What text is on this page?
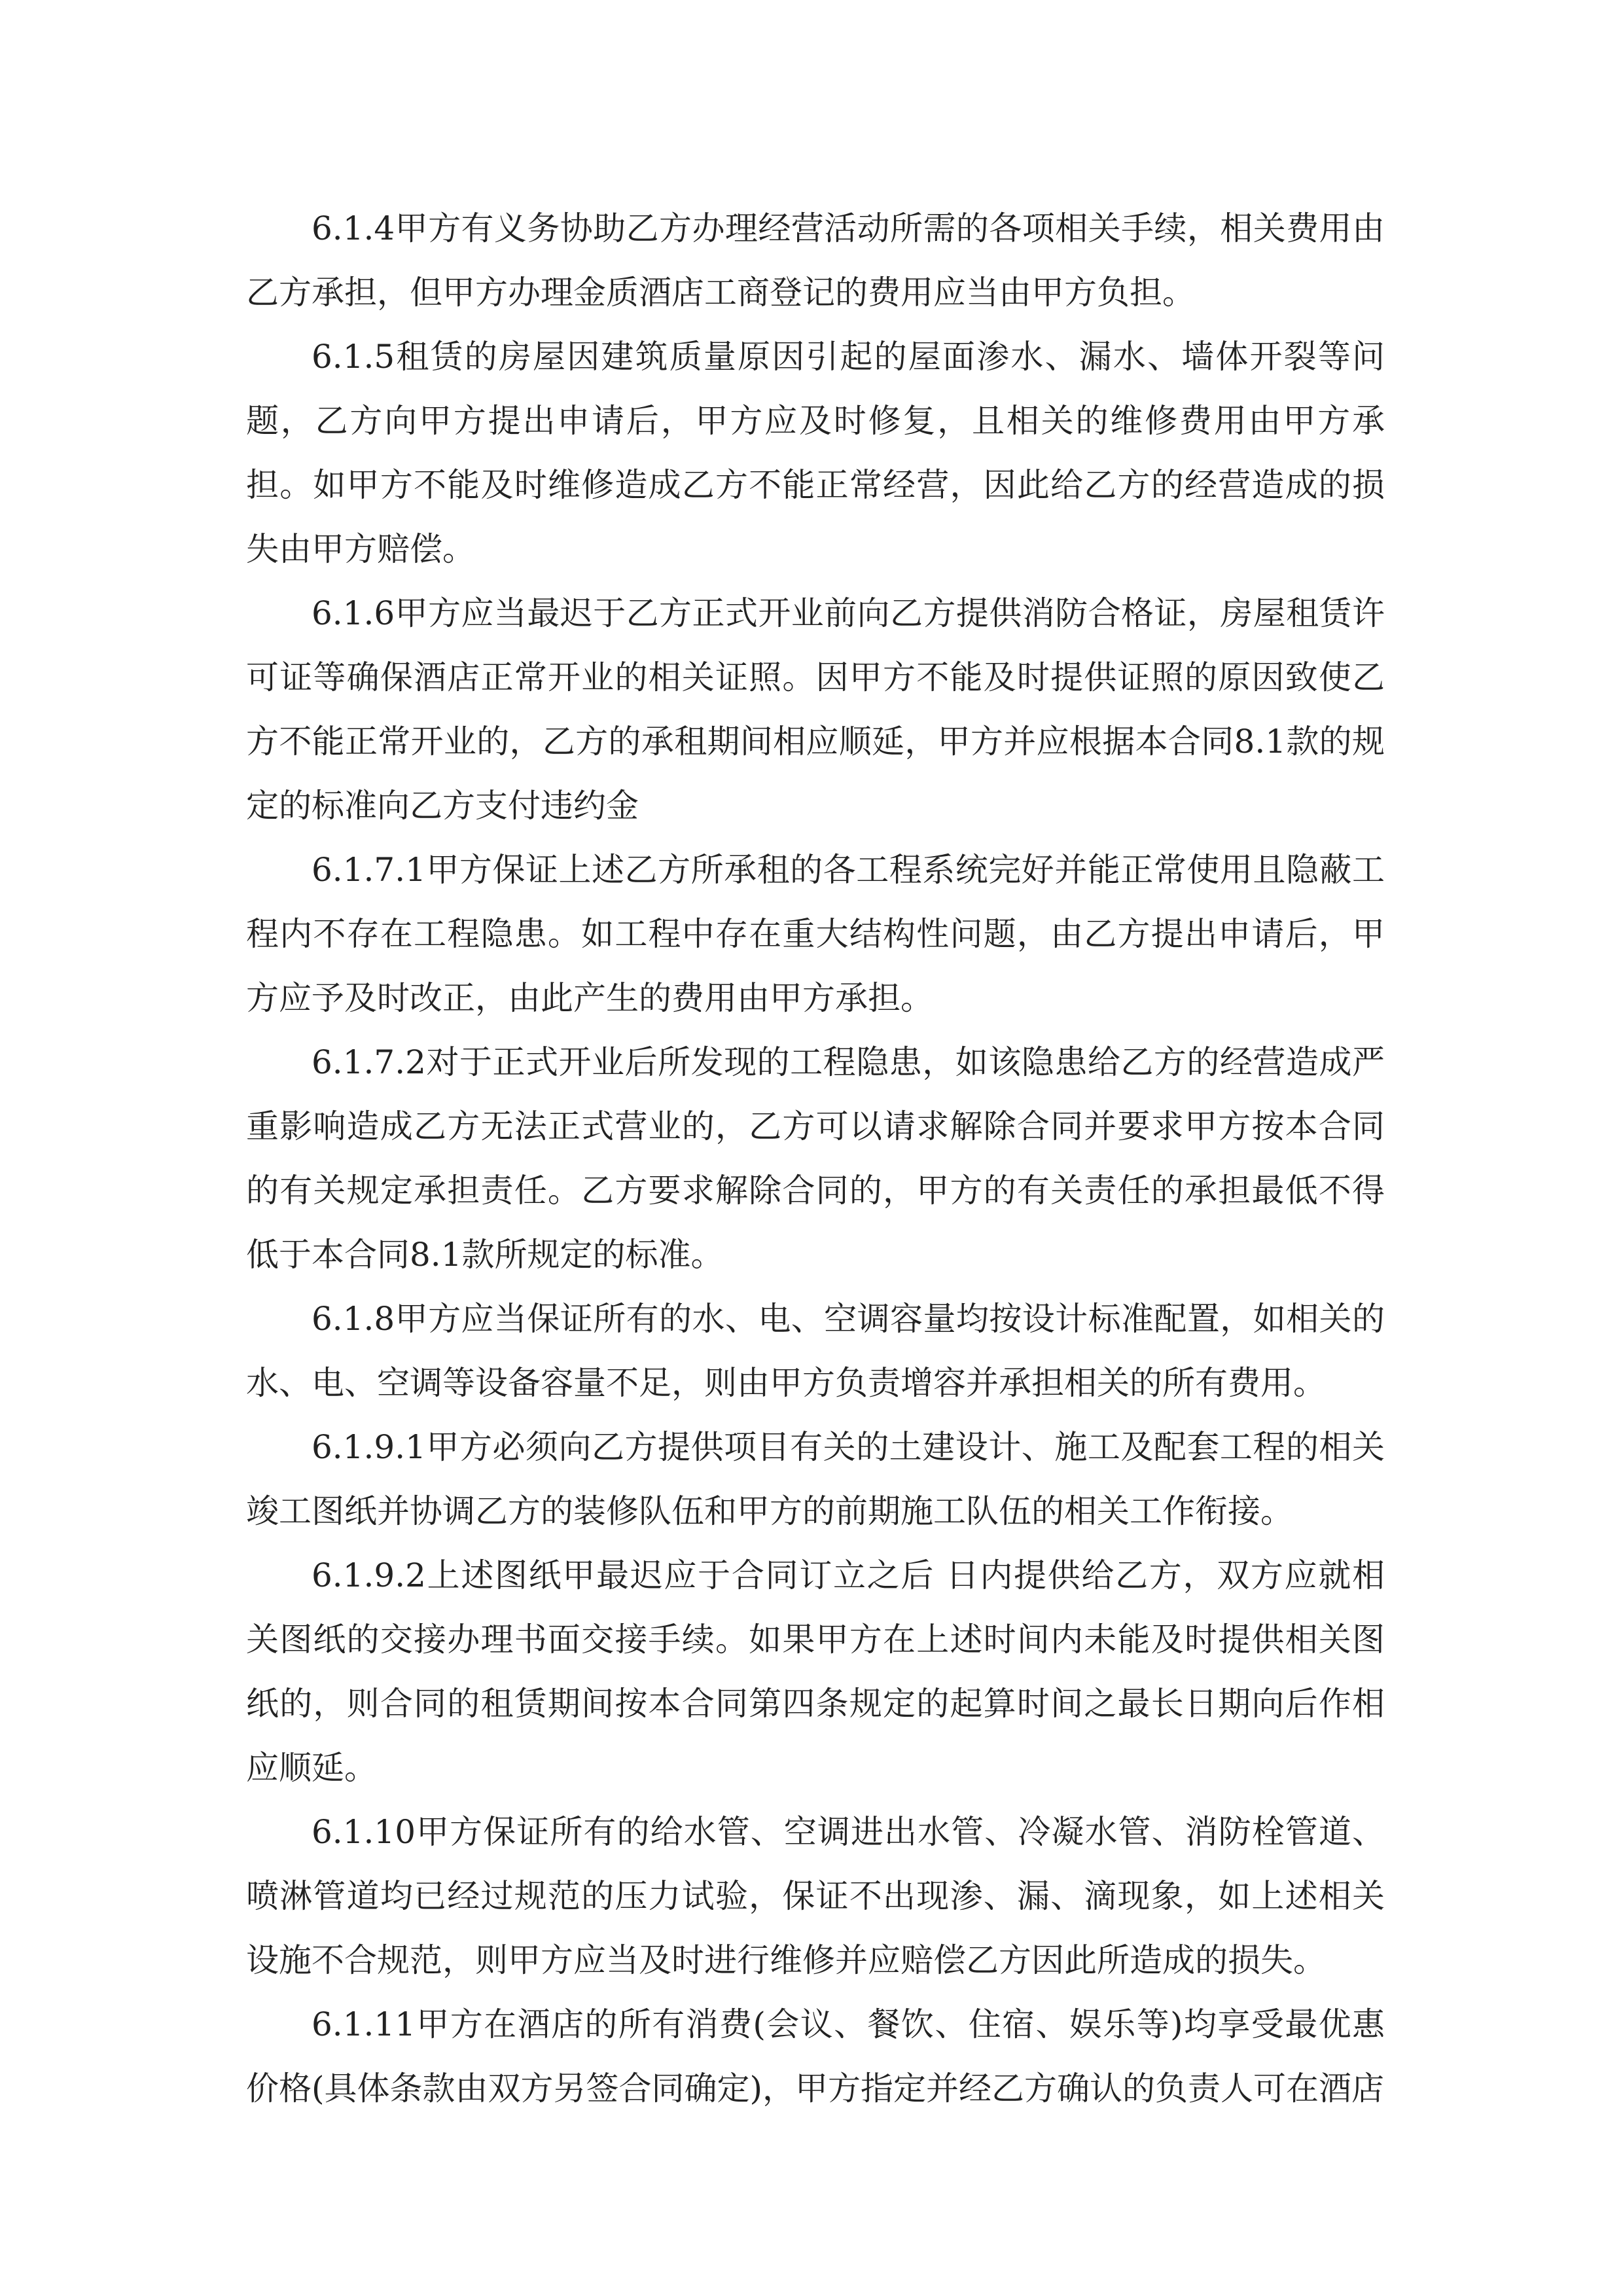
6.1.4甲方有义务协助乙方办理经营活动所需的各项相关手续，相关费用由乙方承担，但甲方办理金质酒店工商登记的费用应当由甲方负担。

6.1.5租赁的房屋因建筑质量原因引起的屋面渗水、漏水、墙体开裂等问题，乙方向甲方提出申请后，甲方应及时修复，且相关的维修费用由甲方承担。如甲方不能及时维修造成乙方不能正常经营，因此给乙方的经营造成的损失由甲方赔偿。

6.1.6甲方应当最迟于乙方正式开业前向乙方提供消防合格证，房屋租赁许可证等确保酒店正常开业的相关证照。因甲方不能及时提供证照的原因致使乙方不能正常开业的，乙方的承租期间相应顺延，甲方并应根据本合同8.1款的规定的标准向乙方支付违约金

6.1.7.1甲方保证上述乙方所承租的各工程系统完好并能正常使用且隐蔽工程内不存在工程隐患。如工程中存在重大结构性问题，由乙方提出申请后，甲方应予及时改正，由此产生的费用由甲方承担。

6.1.7.2对于正式开业后所发现的工程隐患，如该隐患给乙方的经营造成严重影响造成乙方无法正式营业的，乙方可以请求解除合同并要求甲方按本合同的有关规定承担责任。乙方要求解除合同的，甲方的有关责任的承担最低不得低于本合同8.1款所规定的标准。

6.1.8甲方应当保证所有的水、电、空调容量均按设计标准配置，如相关的水、电、空调等设备容量不足，则由甲方负责增容并承担相关的所有费用。

6.1.9.1甲方必须向乙方提供项目有关的土建设计、施工及配套工程的相关竣工图纸并协调乙方的装修队伍和甲方的前期施工队伍的相关工作衔接。

6.1.9.2上述图纸甲最迟应于合同订立之后 日内提供给乙方，双方应就相关图纸的交接办理书面交接手续。如果甲方在上述时间内未能及时提供相关图纸的，则合同的租赁期间按本合同第四条规定的起算时间之最长日期向后作相应顺延。

6.1.10甲方保证所有的给水管、空调进出水管、冷凝水管、消防栓管道、喷淋管道均已经过规范的压力试验，保证不出现渗、漏、滴现象，如上述相关设施不合规范，则甲方应当及时进行维修并应赔偿乙方因此所造成的损失。

6.1.11甲方在酒店的所有消费(会议、餐饮、住宿、娱乐等)均享受最优惠价格(具体条款由双方另签合同确定)，甲方指定并经乙方确认的负责人可在酒店
